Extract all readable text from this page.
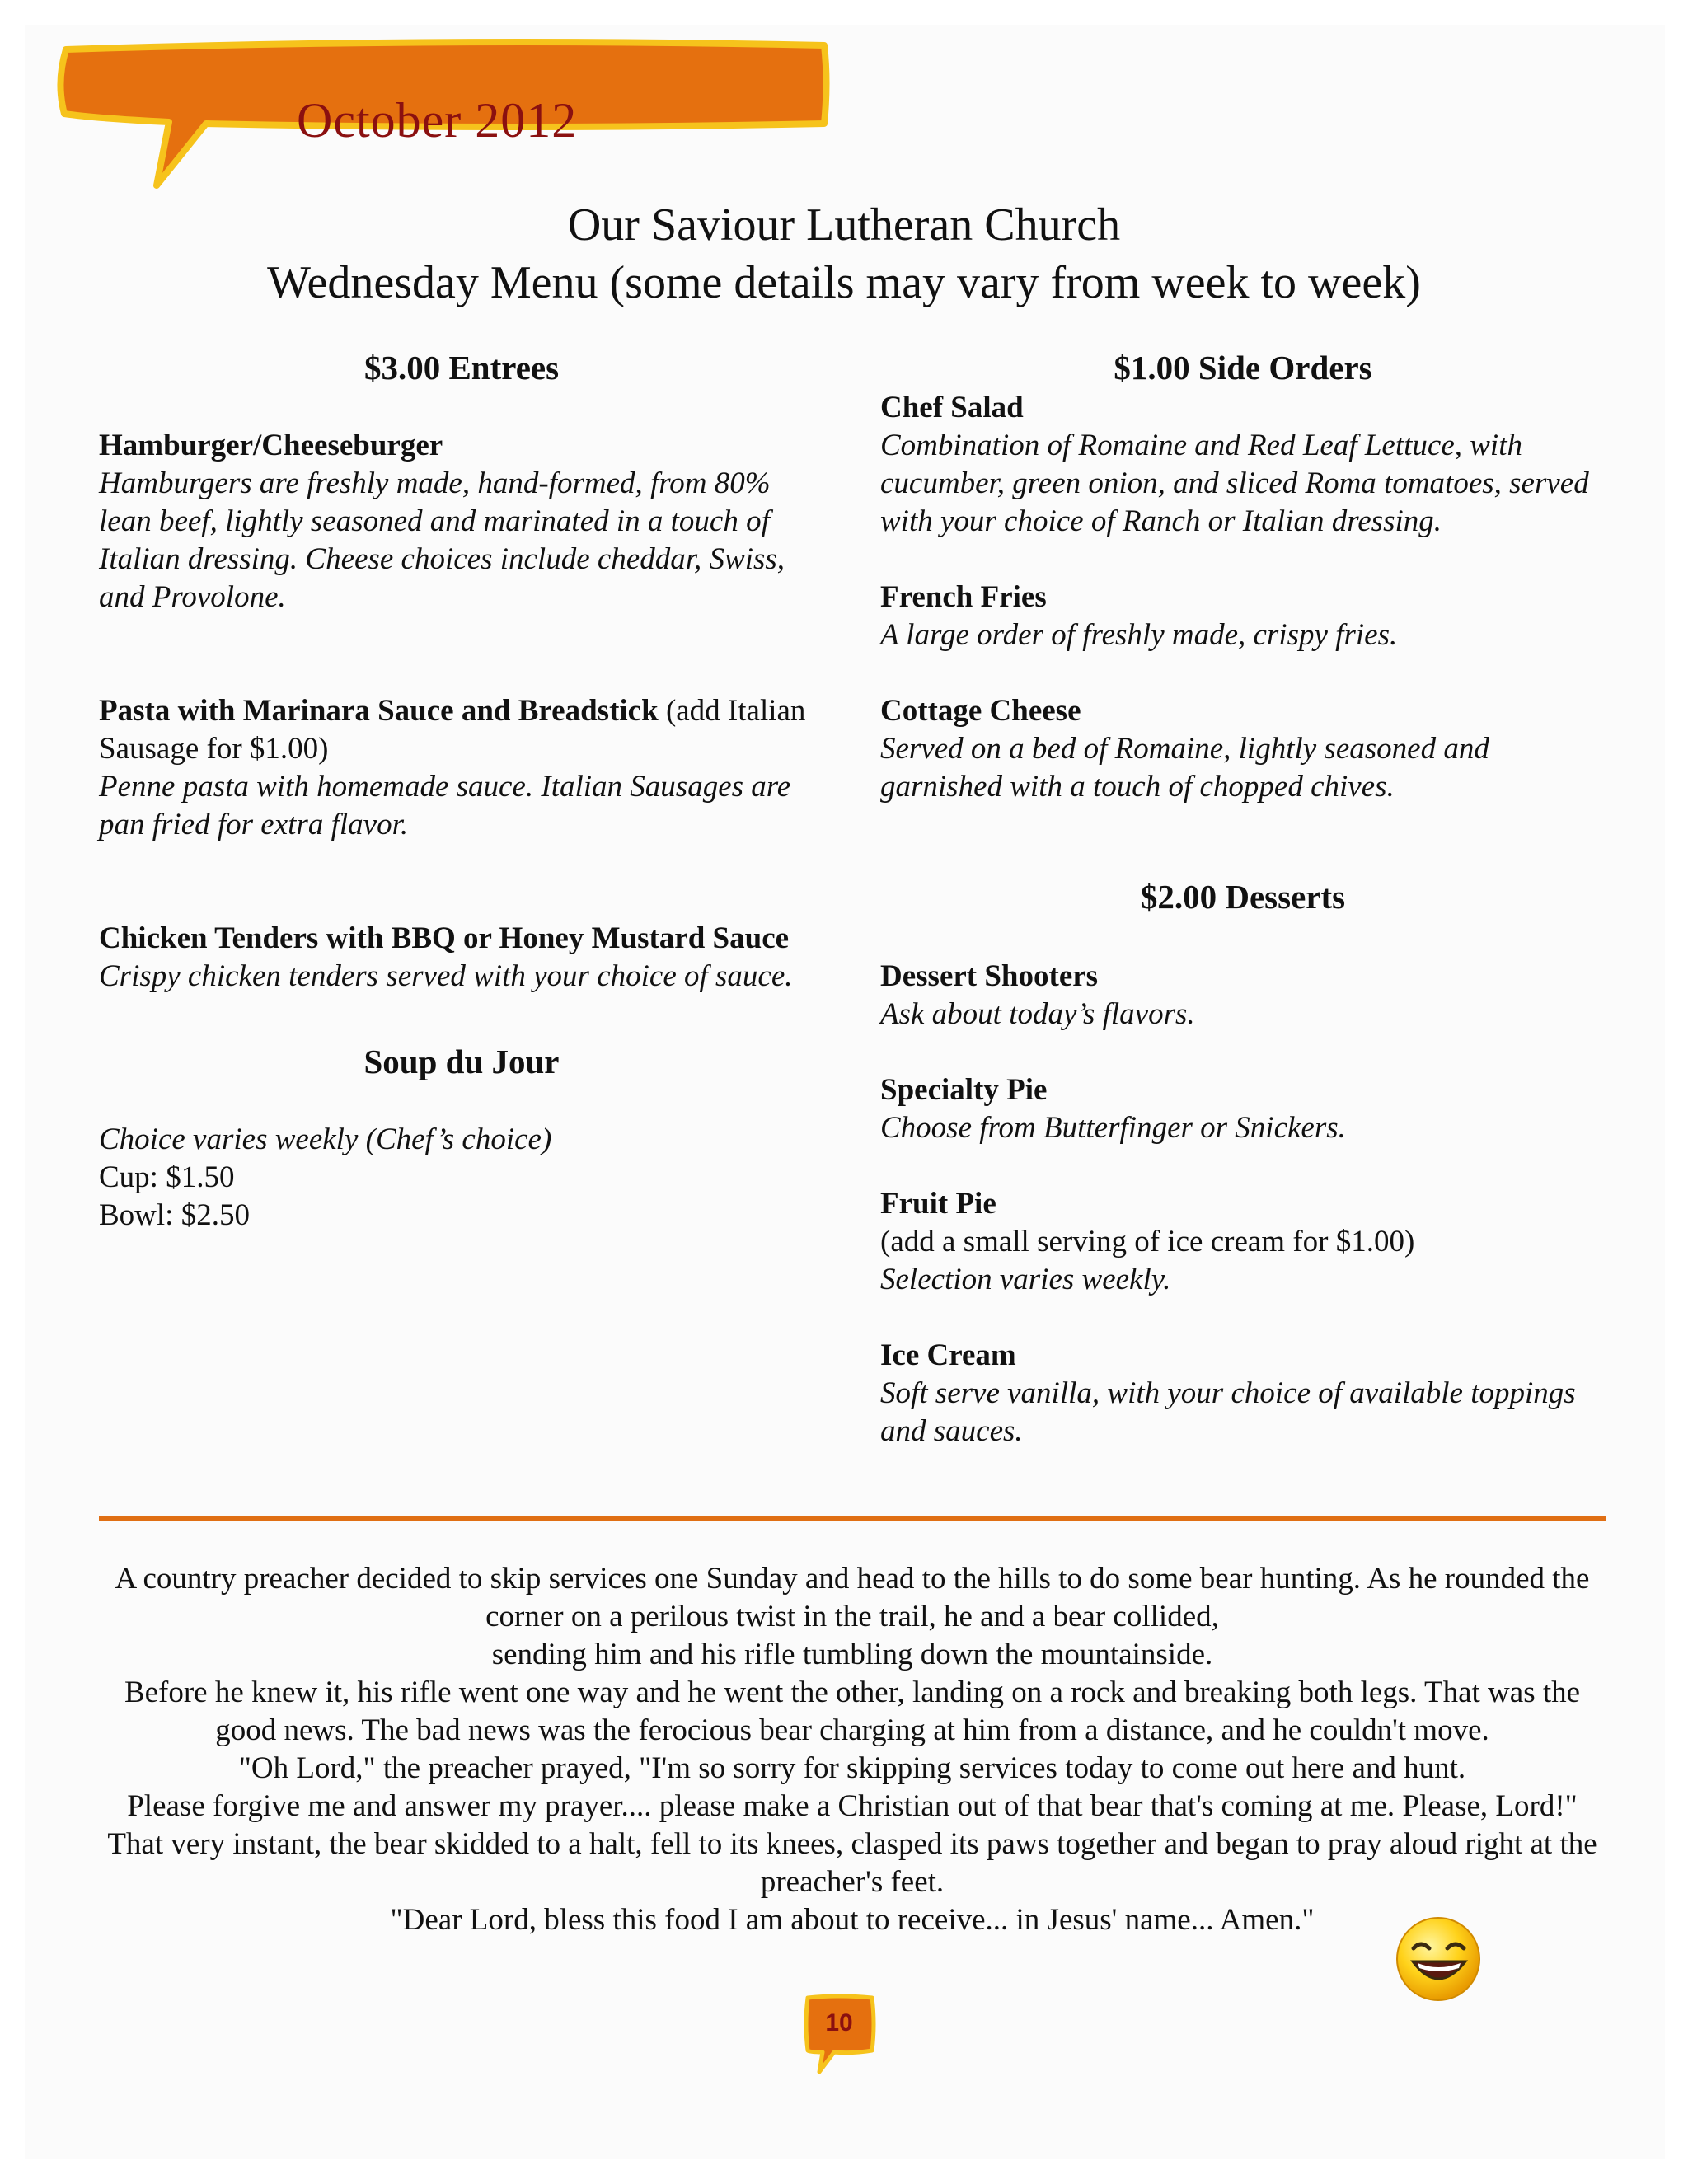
October 2012
Our Saviour Lutheran Church
Wednesday Menu (some details may vary from week to week)

$3.00 Entrees

Hamburger/Cheeseburger
Hamburgers are freshly made, hand-formed, from 80% lean beef, lightly seasoned and marinated in a touch of Italian dressing. Cheese choices include cheddar, Swiss, and Provolone.
Pasta with Marinara Sauce and Breadstick (add Italian Sausage for $1.00)
Penne pasta with homemade sauce. Italian Sausages are pan fried for extra flavor.
Chicken Tenders with BBQ or Honey Mustard Sauce
Crispy chicken tenders served with your choice of sauce.

Soup du Jour

Choice varies weekly (Chef’s choice)
Cup: $1.50
Bowl: $2.50

$1.00 Side Orders

Chef Salad
Combination of Romaine and Red Leaf Lettuce, with cucumber, green onion, and sliced Roma tomatoes, served with your choice of Ranch or Italian dressing.
French Fries
A large order of freshly made, crispy fries.
Cottage Cheese
Served on a bed of Romaine, lightly seasoned and garnished with a touch of chopped chives.

$2.00 Desserts

Dessert Shooters
Ask about today’s flavors.
Specialty Pie
Choose from Butterfinger or Snickers.
Fruit Pie
(add a small serving of ice cream for $1.00)
Selection varies weekly.
Ice Cream
Soft serve vanilla, with your choice of available toppings and sauces.
A country preacher decided to skip services one Sunday and head to the hills to do some bear hunting. As he rounded the corner on a perilous twist in the trail, he and a bear collided,
sending him and his rifle tumbling down the mountainside.
Before he knew it, his rifle went one way and he went the other, landing on a rock and breaking both legs. That was the good news. The bad news was the ferocious bear charging at him from a distance, and he couldn't move.
"Oh Lord," the preacher prayed, "I'm so sorry for skipping services today to come out here and hunt.
Please forgive me and answer my prayer.... please make a Christian out of that bear that's coming at me. Please, Lord!"
That very instant, the bear skidded to a halt, fell to its knees, clasped its paws together and began to pray aloud right at the preacher's feet.
"Dear Lord, bless this food I am about to receive... in Jesus' name... Amen."
10
